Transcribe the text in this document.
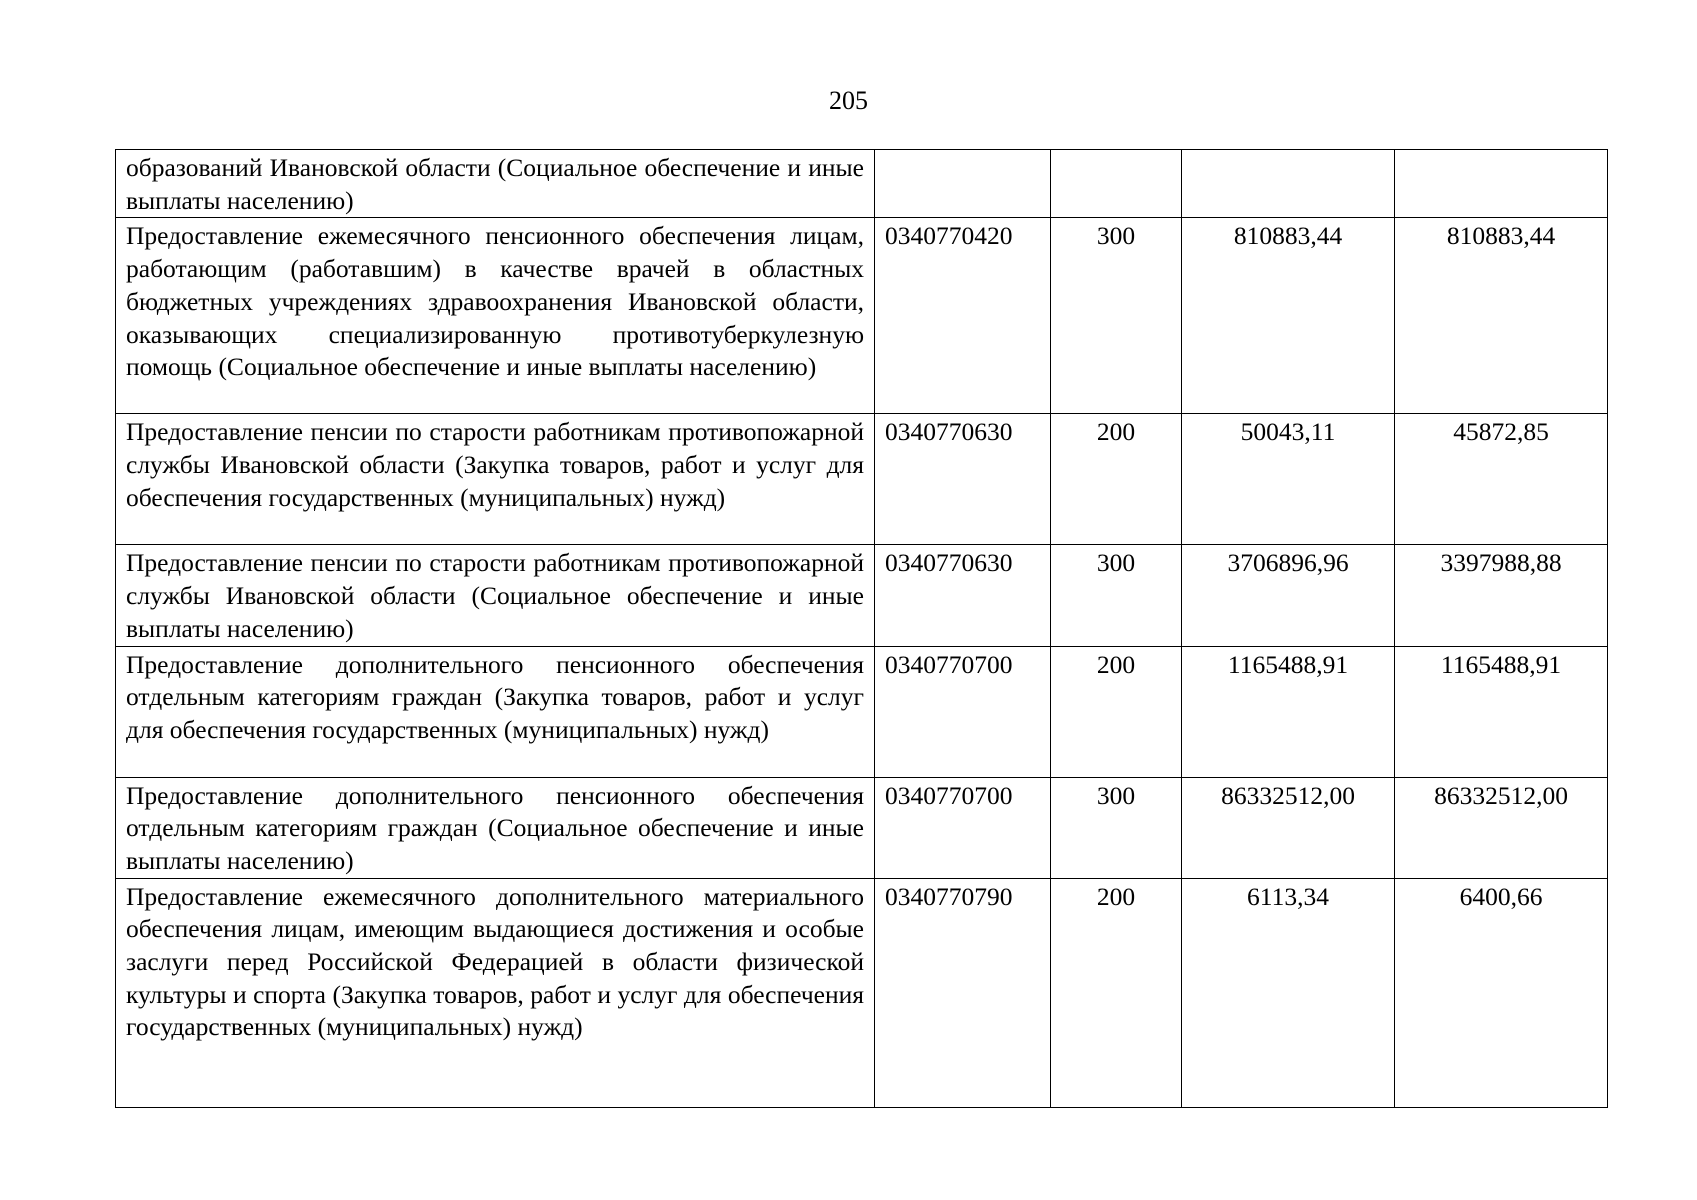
205
образований Ивановской области (Социальное обеспечение и иные выплаты населению)				
Предоставление ежемесячного пенсионного обеспечения лицам, работающим (работавшим) в качестве врачей в областных бюджетных учреждениях здравоохранения Ивановской области, оказывающих специализированную противотуберкулезную помощь (Социальное обеспечение и иные выплаты населению)	0340770420	300	810883,44	810883,44
Предоставление пенсии по старости работникам противопожарной службы Ивановской области (Закупка товаров, работ и услуг для обеспечения государственных (муниципальных) нужд)	0340770630	200	50043,11	45872,85
Предоставление пенсии по старости работникам противопожарной службы Ивановской области (Социальное обеспечение и иные выплаты населению)	0340770630	300	3706896,96	3397988,88
Предоставление дополнительного пенсионного обеспечения отдельным категориям граждан (Закупка товаров, работ и услуг для обеспечения государственных (муниципальных) нужд)	0340770700	200	1165488,91	1165488,91
Предоставление дополнительного пенсионного обеспечения отдельным категориям граждан (Социальное обеспечение и иные выплаты населению)	0340770700	300	86332512,00	86332512,00
Предоставление ежемесячного дополнительного материального обеспечения лицам, имеющим выдающиеся достижения и особые заслуги перед Российской Федерацией в области физической культуры и спорта (Закупка товаров, работ и услуг для обеспечения государственных (муниципальных) нужд)	0340770790	200	6113,34	6400,66
